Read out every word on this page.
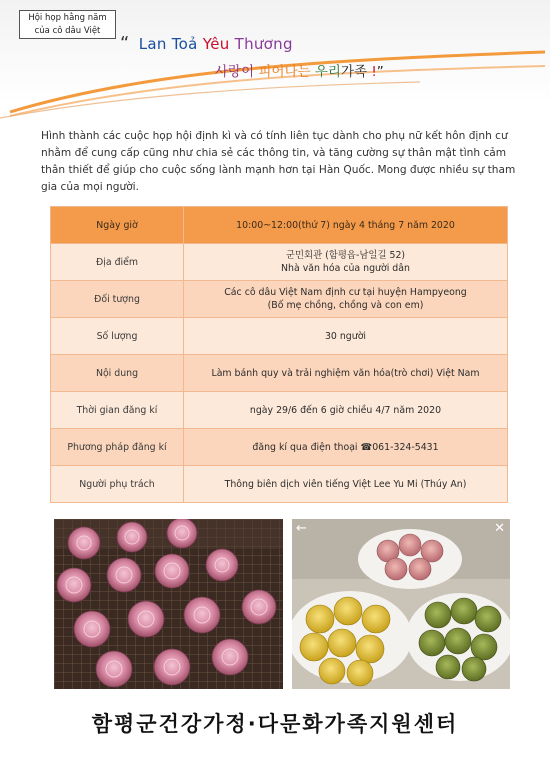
Hội họp hằng năm
của cô dâu Việt
“ Lan Toả Yêu Thương
사랑이 피어나는 우리가족 !”
Hình thành các cuộc họp hội định kì và có tính liên tục dành cho phụ nữ kết hôn định cư nhằm để cung cấp cũng như chia sẻ các thông tin, và tăng cường sự thân mật tình cảm thân thiết để giúp cho cuộc sống lành mạnh hơn tại Hàn Quốc. Mong được nhiều sự tham gia của mọi người.
Ngày giờ	10:00~12:00(thứ 7) ngày 4 tháng 7 năm 2020
Địa điểm	군민회관 (함평읍-남일길 52)
Nhà văn hóa của người dân
Đối tượng	Các cô dâu Việt Nam định cư tại huyện Hampyeong
(Bố mẹ chồng, chồng và con em)
Số lượng	30 người
Nội dung	Làm bánh quy và trải nghiệm văn hóa(trò chơi) Việt Nam
Thời gian đăng kí	ngày 29/6 đến 6 giờ chiều 4/7 năm 2020
Phương pháp đăng kí	đăng kí qua điện thoại ☎061-324-5431
Người phụ trách	Thông biên dịch viên tiếng Việt Lee Yu Mi (Thúy An)
←	✕
함평군건강가정·다문화가족지원센터
